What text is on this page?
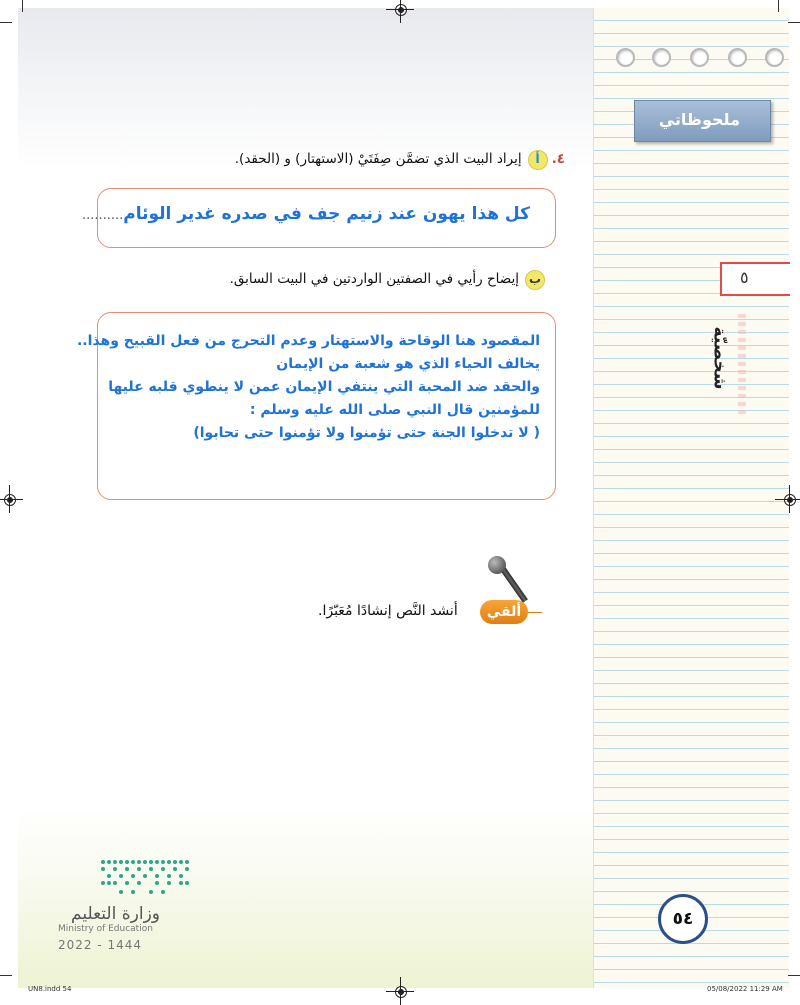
ملحوظاتي
٥
شخصيّة
٤.أإيراد البيت الذي تضمَّن صِفَتَيْ (الاستهتار) و (الحقد).
كل هذا يهون عند زنيم جف في صدره غدير الوئام..........
بإيضاح رأيي في الصفتين الواردتين في البيت السابق.
المقصود هنا الوقاحة والاستهتار وعدم التحرج من فعل القبيح وهذا..
يخالف الحياء الذي هو شعبة من الإيمان
والحقد ضد المحبة التي ينتفي الإيمان عمن لا ينطوي قلبه عليها
للمؤمنين قال النبي صلى الله عليه وسلم :
( لا تدخلوا الجنة حتى تؤمنوا ولا تؤمنوا حتى تحابوا)
ألقي
أنشد النَّص إنشادًا مُعَبّرًا.
وزارة التعليم
Ministry of Education
2022 - 1444
٥٤
UN8.indd 54	05/08/2022 11:29 AM
